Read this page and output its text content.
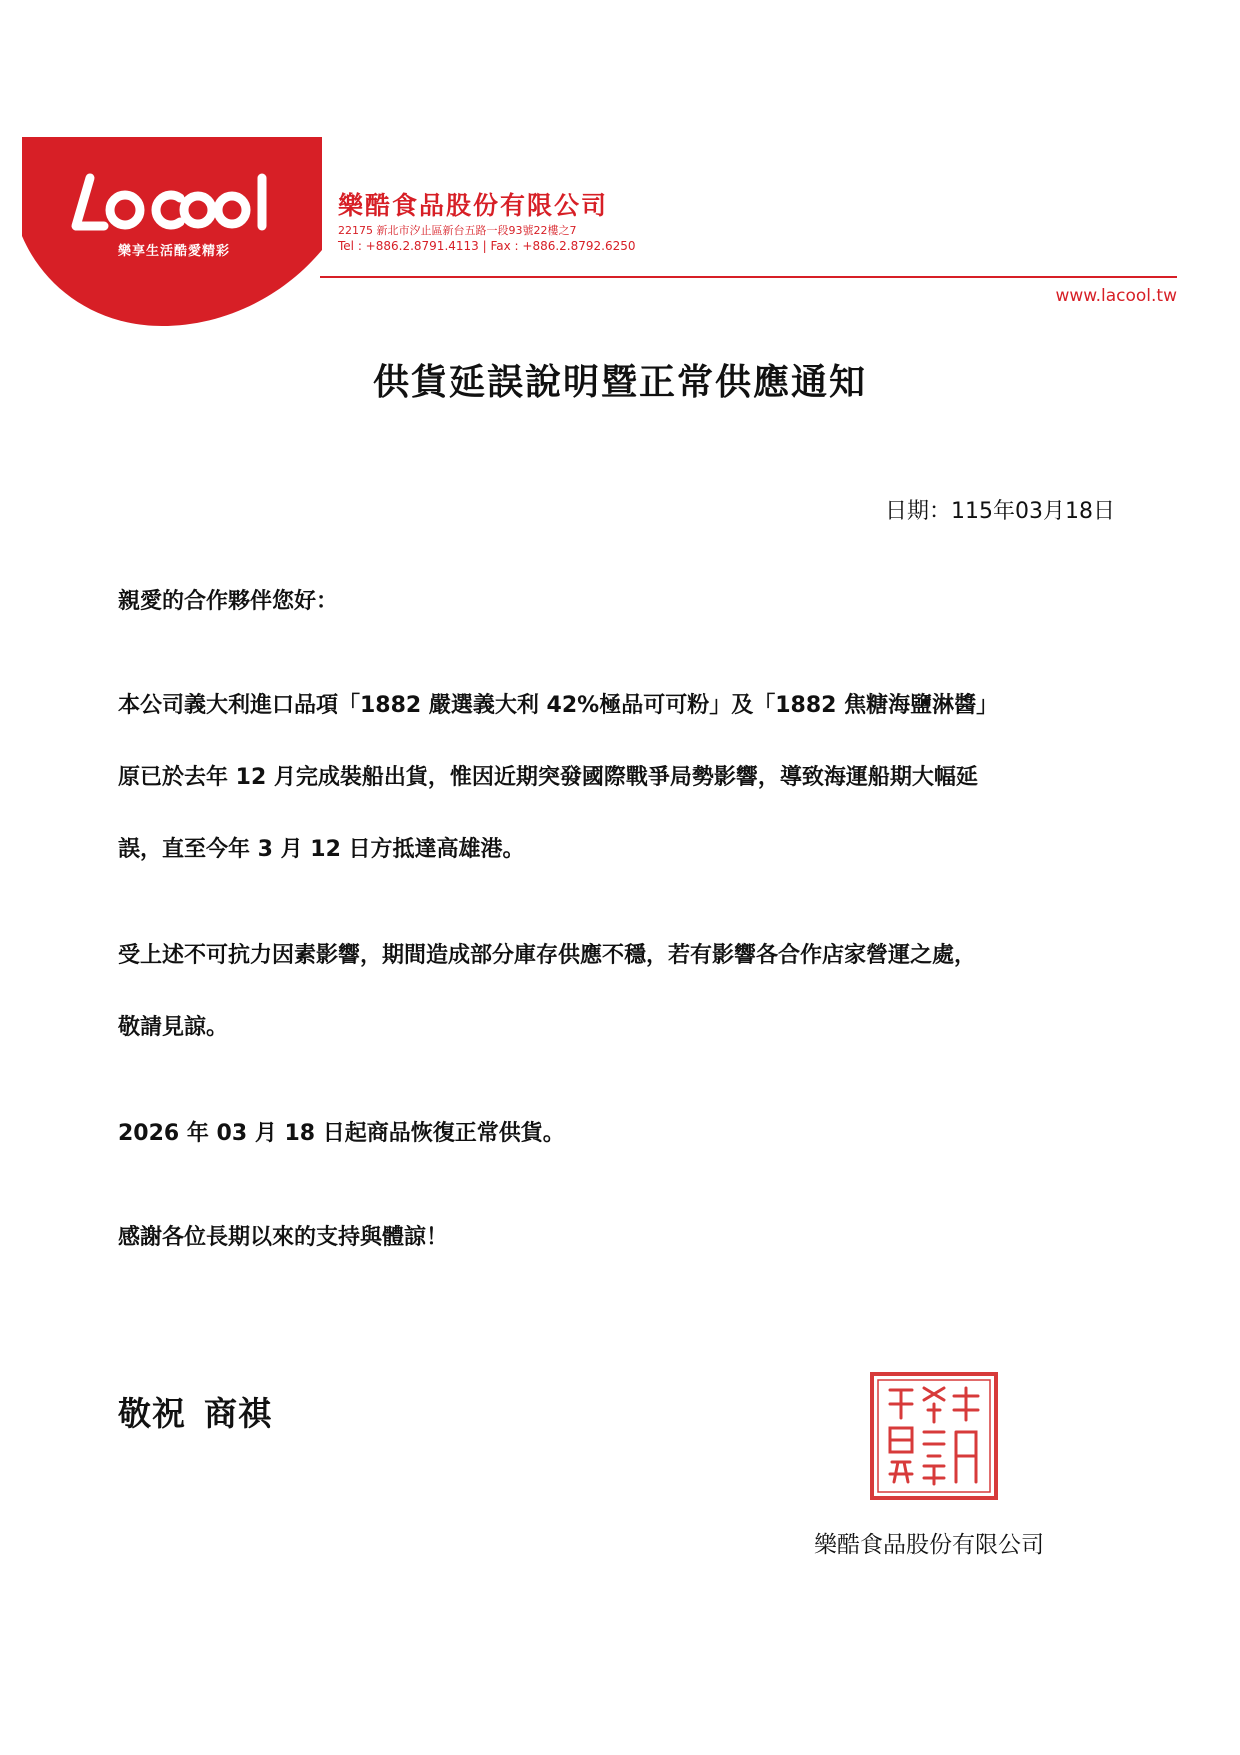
樂享生活酷愛精彩
樂酷食品股份有限公司
22175 新北市汐止區新台五路一段93號22樓之7
Tel : +886.2.8791.4113 | Fax : +886.2.8792.6250
www.lacool.tw
供貨延誤說明暨正常供應通知
日期：115年03月18日
親愛的合作夥伴您好：
本公司義大利進口品項「1882 嚴選義大利 42%極品可可粉」及「1882 焦糖海鹽淋醬」
原已於去年 12 月完成裝船出貨，惟因近期突發國際戰爭局勢影響，導致海運船期大幅延
誤，直至今年 3 月 12 日方抵達高雄港。
受上述不可抗力因素影響，期間造成部分庫存供應不穩，若有影響各合作店家營運之處，
敬請見諒。
2026 年 03 月 18 日起商品恢復正常供貨。
感謝各位長期以來的支持與體諒！
敬祝 商祺
樂酷食品股份有限公司
